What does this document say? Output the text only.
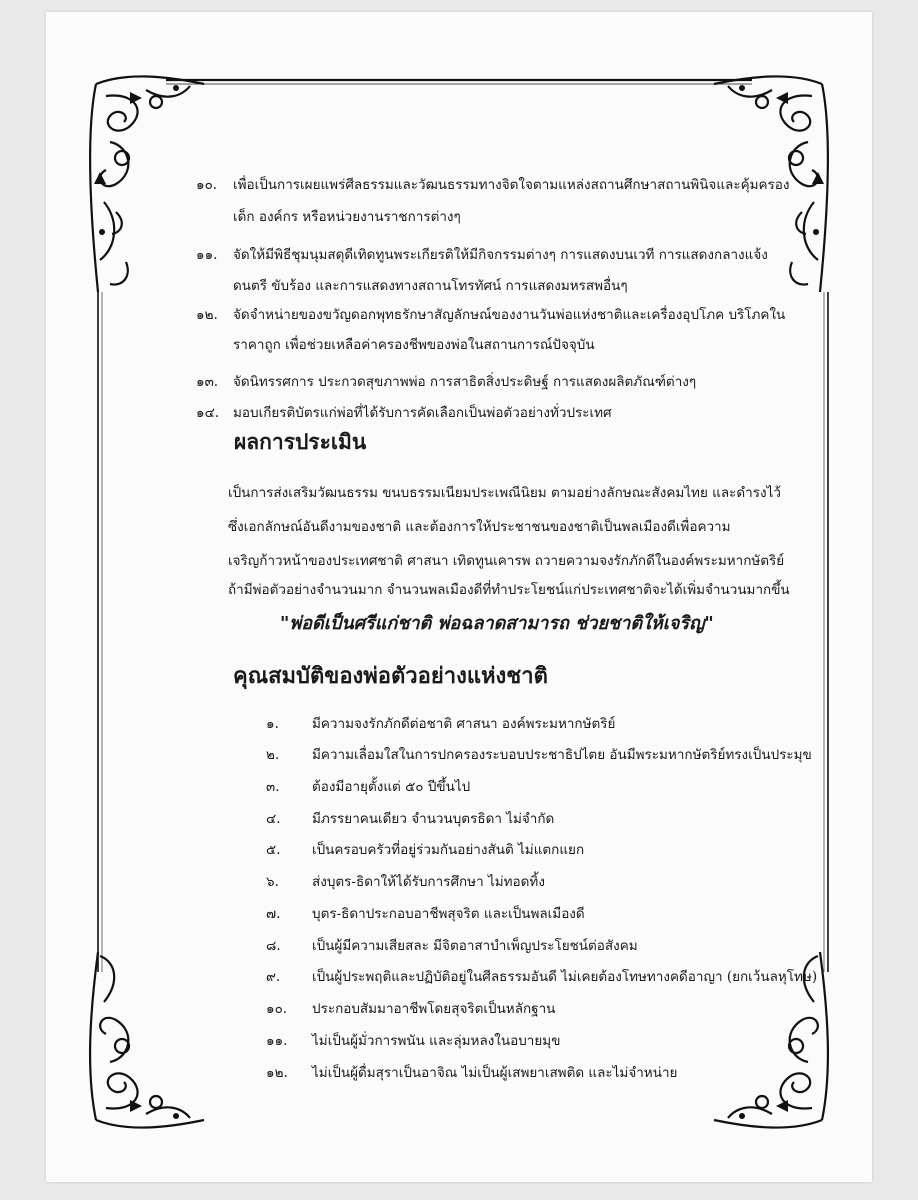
๑๐. เพื่อเป็นการเผยแพร่ศีลธรรมและวัฒนธรรมทางจิตใจตามแหล่งสถานศึกษาสถานพินิจและคุ้มครอง
เด็ก องค์กร หรือหน่วยงานราชการต่างๆ
๑๑. จัดให้มีพิธีชุมนุมสดุดีเทิดทูนพระเกียรติให้มีกิจกรรมต่างๆ การแสดงบนเวที การแสดงกลางแจ้ง
ดนตรี ขับร้อง และการแสดงทางสถานโทรทัศน์ การแสดงมหรสพอื่นๆ
๑๒. จัดจำหน่ายของขวัญดอกพุทธรักษาสัญลักษณ์ของงานวันพ่อแห่งชาติและเครื่องอุปโภค บริโภคใน
ราคาถูก เพื่อช่วยเหลือค่าครองชีพของพ่อในสถานการณ์ปัจจุบัน
๑๓. จัดนิทรรศการ ประกวดสุขภาพพ่อ การสาธิตสิ่งประดิษฐ์ การแสดงผลิตภัณฑ์ต่างๆ
๑๔. มอบเกียรติบัตรแก่พ่อที่ได้รับการคัดเลือกเป็นพ่อตัวอย่างทั่วประเทศ
ผลการประเมิน
เป็นการส่งเสริมวัฒนธรรม ขนบธรรมเนียมประเพณีนิยม ตามอย่างลักษณะสังคมไทย และดำรงไว้
ซึ่งเอกลักษณ์อันดีงามของชาติ และต้องการให้ประชาชนของชาติเป็นพลเมืองดีเพื่อความ
เจริญก้าวหน้าของประเทศชาติ ศาสนา เทิดทูนเคารพ ถวายความจงรักภักดีในองค์พระมหากษัตริย์
ถ้ามีพ่อตัวอย่างจำนวนมาก จำนวนพลเมืองดีที่ทำประโยชน์แก่ประเทศชาติจะได้เพิ่มจำนวนมากขึ้น
"พ่อดีเป็นศรีแก่ชาติ พ่อฉลาดสามารถ ช่วยชาติให้เจริญ"
คุณสมบัติของพ่อตัวอย่างแห่งชาติ
๑. มีความจงรักภักดีต่อชาติ ศาสนา องค์พระมหากษัตริย์
๒. มีความเลื่อมใสในการปกครองระบอบประชาธิปไตย อันมีพระมหากษัตริย์ทรงเป็นประมุข
๓. ต้องมีอายุตั้งแต่ ๕๐ ปีขึ้นไป
๔. มีภรรยาคนเดียว จำนวนบุตรธิดา ไม่จำกัด
๕. เป็นครอบครัวที่อยู่ร่วมกันอย่างสันติ ไม่แตกแยก
๖. ส่งบุตร-ธิดาให้ได้รับการศึกษา ไม่ทอดทิ้ง
๗. บุตร-ธิดาประกอบอาชีพสุจริต และเป็นพลเมืองดี
๘. เป็นผู้มีความเสียสละ มีจิตอาสาบำเพ็ญประโยชน์ต่อสังคม
๙. เป็นผู้ประพฤติและปฏิบัติอยู่ในศีลธรรมอันดี ไม่เคยต้องโทษทางคดีอาญา (ยกเว้นลหุโทษ)
๑๐. ประกอบสัมมาอาชีพโดยสุจริตเป็นหลักฐาน
๑๑. ไม่เป็นผู้มั่วการพนัน และลุ่มหลงในอบายมุข
๑๒. ไม่เป็นผู้ดื่มสุราเป็นอาจิณ ไม่เป็นผู้เสพยาเสพติด และไม่จำหน่าย
